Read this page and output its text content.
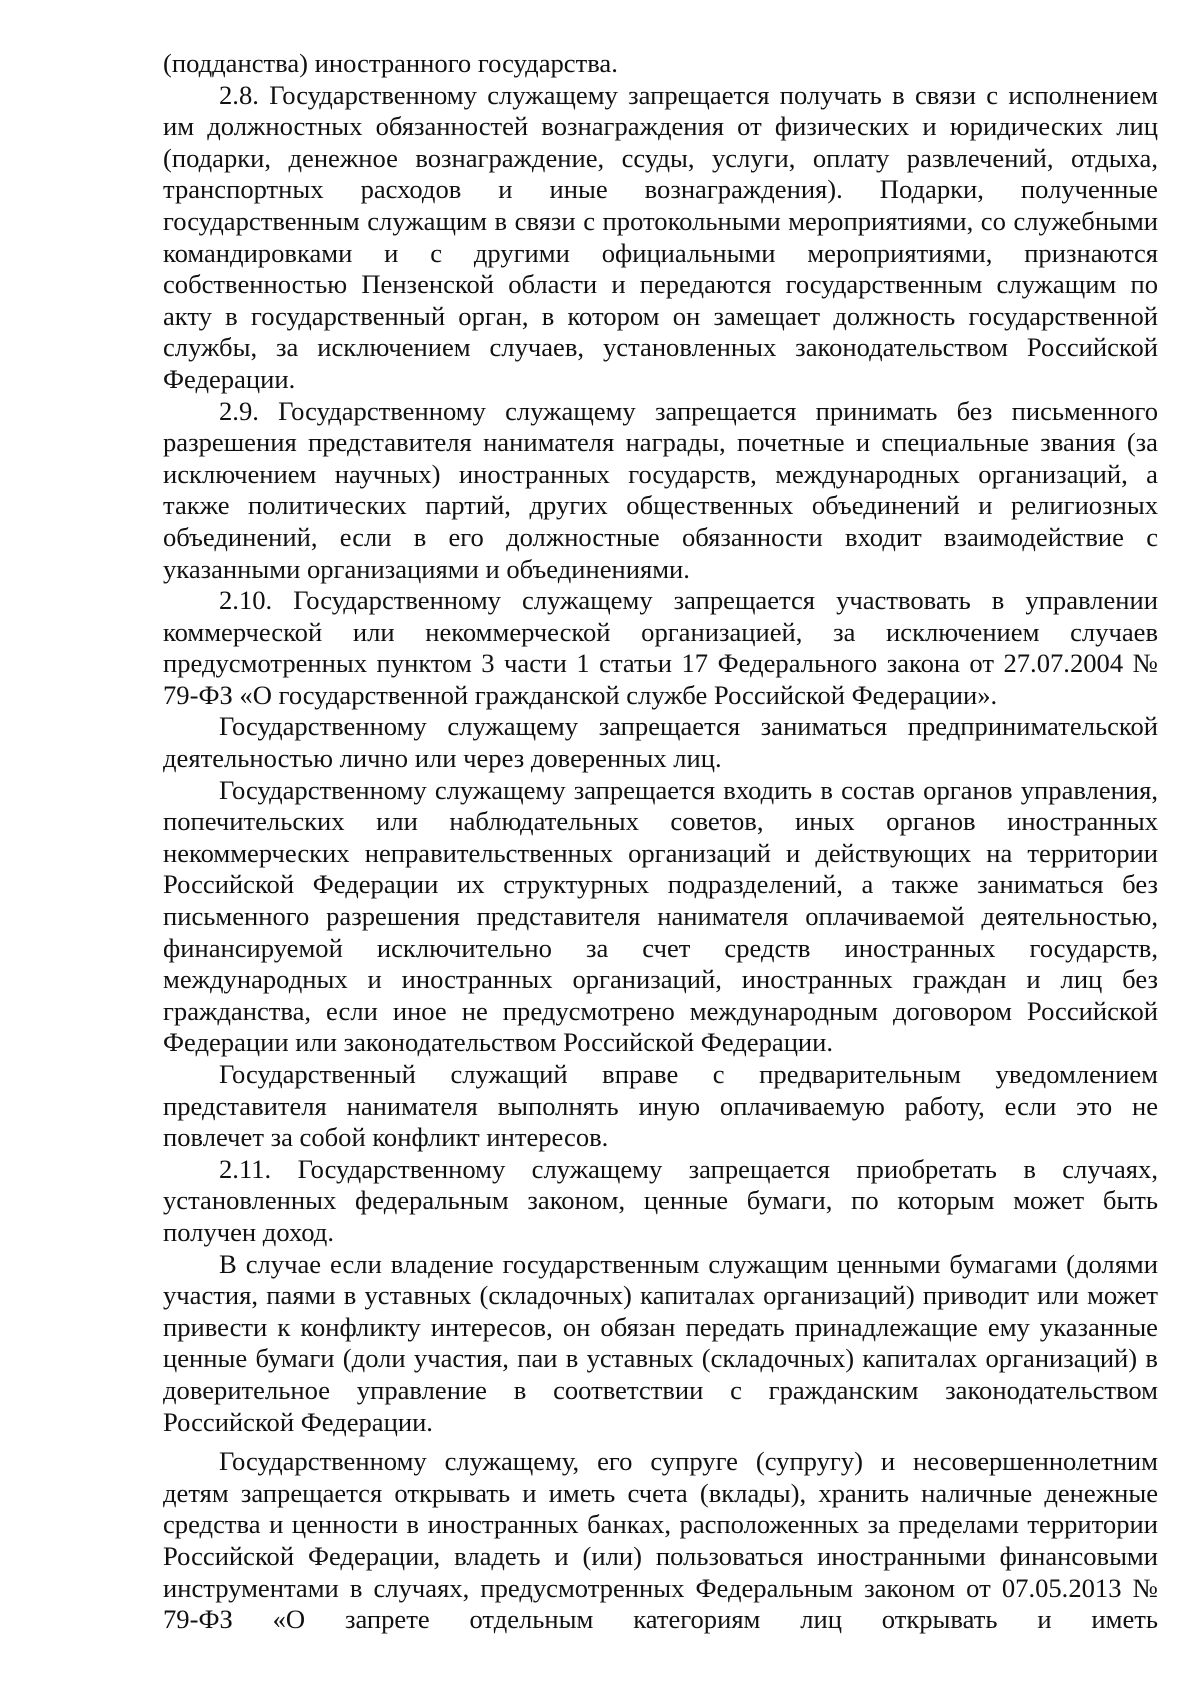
(подданства) иностранного государства.

2.8. Государственному служащему запрещается получать в связи с исполнением им должностных обязанностей вознаграждения от физических и юридических лиц (подарки, денежное вознаграждение, ссуды, услуги, оплату развлечений, отдыха, транспортных расходов и иные вознаграждения). Подарки, полученные государственным служащим в связи с протокольными мероприятиями, со служебными командировками и с другими официальными мероприятиями, признаются собственностью Пензенской области и передаются государственным служащим по акту в государственный орган, в котором он замещает должность государственной службы, за исключением случаев, установленных законодательством Российской Федерации.

2.9. Государственному служащему запрещается принимать без письменного разрешения представителя нанимателя награды, почетные и специальные звания (за исключением научных) иностранных государств, международных организаций, а также политических партий, других общественных объединений и религиозных объединений, если в его должностные обязанности входит взаимодействие с указанными организациями и объединениями.

2.10. Государственному служащему запрещается участвовать в управлении коммерческой или некоммерческой организацией, за исключением случаев предусмотренных пунктом 3 части 1 статьи 17 Федерального закона от 27.07.2004 № 79-ФЗ «О государственной гражданской службе Российской Федерации».

Государственному служащему запрещается заниматься предпринимательской деятельностью лично или через доверенных лиц.

Государственному служащему запрещается входить в состав органов управления, попечительских или наблюдательных советов, иных органов иностранных некоммерческих неправительственных организаций и действующих на территории Российской Федерации их структурных подразделений, а также заниматься без письменного разрешения представителя нанимателя оплачиваемой деятельностью, финансируемой исключительно за счет средств иностранных государств, международных и иностранных организаций, иностранных граждан и лиц без гражданства, если иное не предусмотрено международным договором Российской Федерации или законодательством Российской Федерации.

Государственный служащий вправе с предварительным уведомлением представителя нанимателя выполнять иную оплачиваемую работу, если это не повлечет за собой конфликт интересов.

2.11. Государственному служащему запрещается приобретать в случаях, установленных федеральным законом, ценные бумаги, по которым может быть получен доход.

В случае если владение государственным служащим ценными бумагами (долями участия, паями в уставных (складочных) капиталах организаций) приводит или может привести к конфликту интересов, он обязан передать принадлежащие ему указанные ценные бумаги (доли участия, паи в уставных (складочных) капиталах организаций) в доверительное управление в соответствии с гражданским законодательством Российской Федерации.

Государственному служащему, его супруге (супругу) и несовершеннолетним детям запрещается открывать и иметь счета (вклады), хранить наличные денежные средства и ценности в иностранных банках, расположенных за пределами территории Российской Федерации, владеть и (или) пользоваться иностранными финансовыми инструментами в случаях, предусмотренных Федеральным законом от 07.05.2013 № 79-ФЗ «О запрете отдельным категориям лиц открывать и иметь
